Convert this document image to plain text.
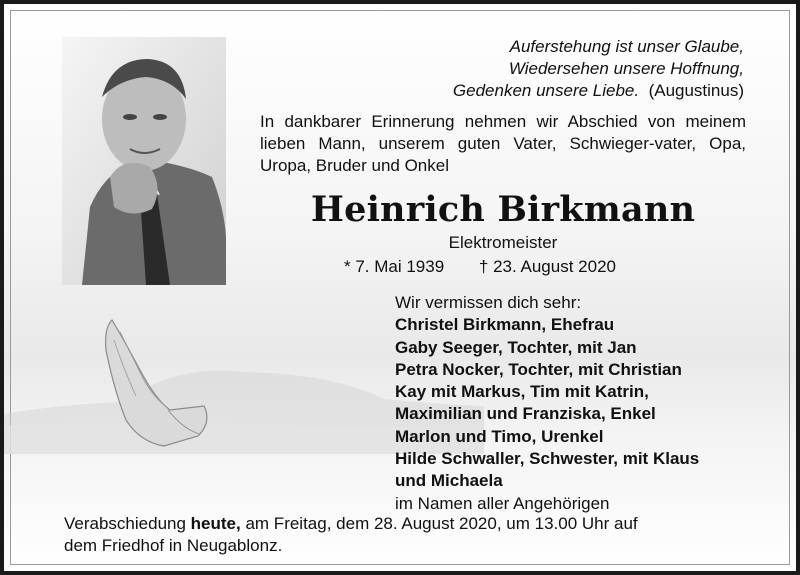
Auferstehung ist unser Glaube,
Wiedersehen unsere Hoffnung,
Gedenken unsere Liebe. (Augustinus)
In dankbarer Erinnerung nehmen wir Abschied von meinem lieben Mann, unserem guten Vater, Schwieger-vater, Opa, Uropa, Bruder und Onkel
Heinrich Birkmann
Elektromeister
* 7. Mai 1939 † 23. August 2020
Wir vermissen dich sehr:
Christel Birkmann, Ehefrau
Gaby Seeger, Tochter, mit Jan
Petra Nocker, Tochter, mit Christian
Kay mit Markus, Tim mit Katrin,
Maximilian und Franziska, Enkel
Marlon und Timo, Urenkel
Hilde Schwaller, Schwester, mit Klaus
und Michaela
im Namen aller Angehörigen
Verabschiedung heute, am Freitag, dem 28. August 2020, um 13.00 Uhr auf
dem Friedhof in Neugablonz.
